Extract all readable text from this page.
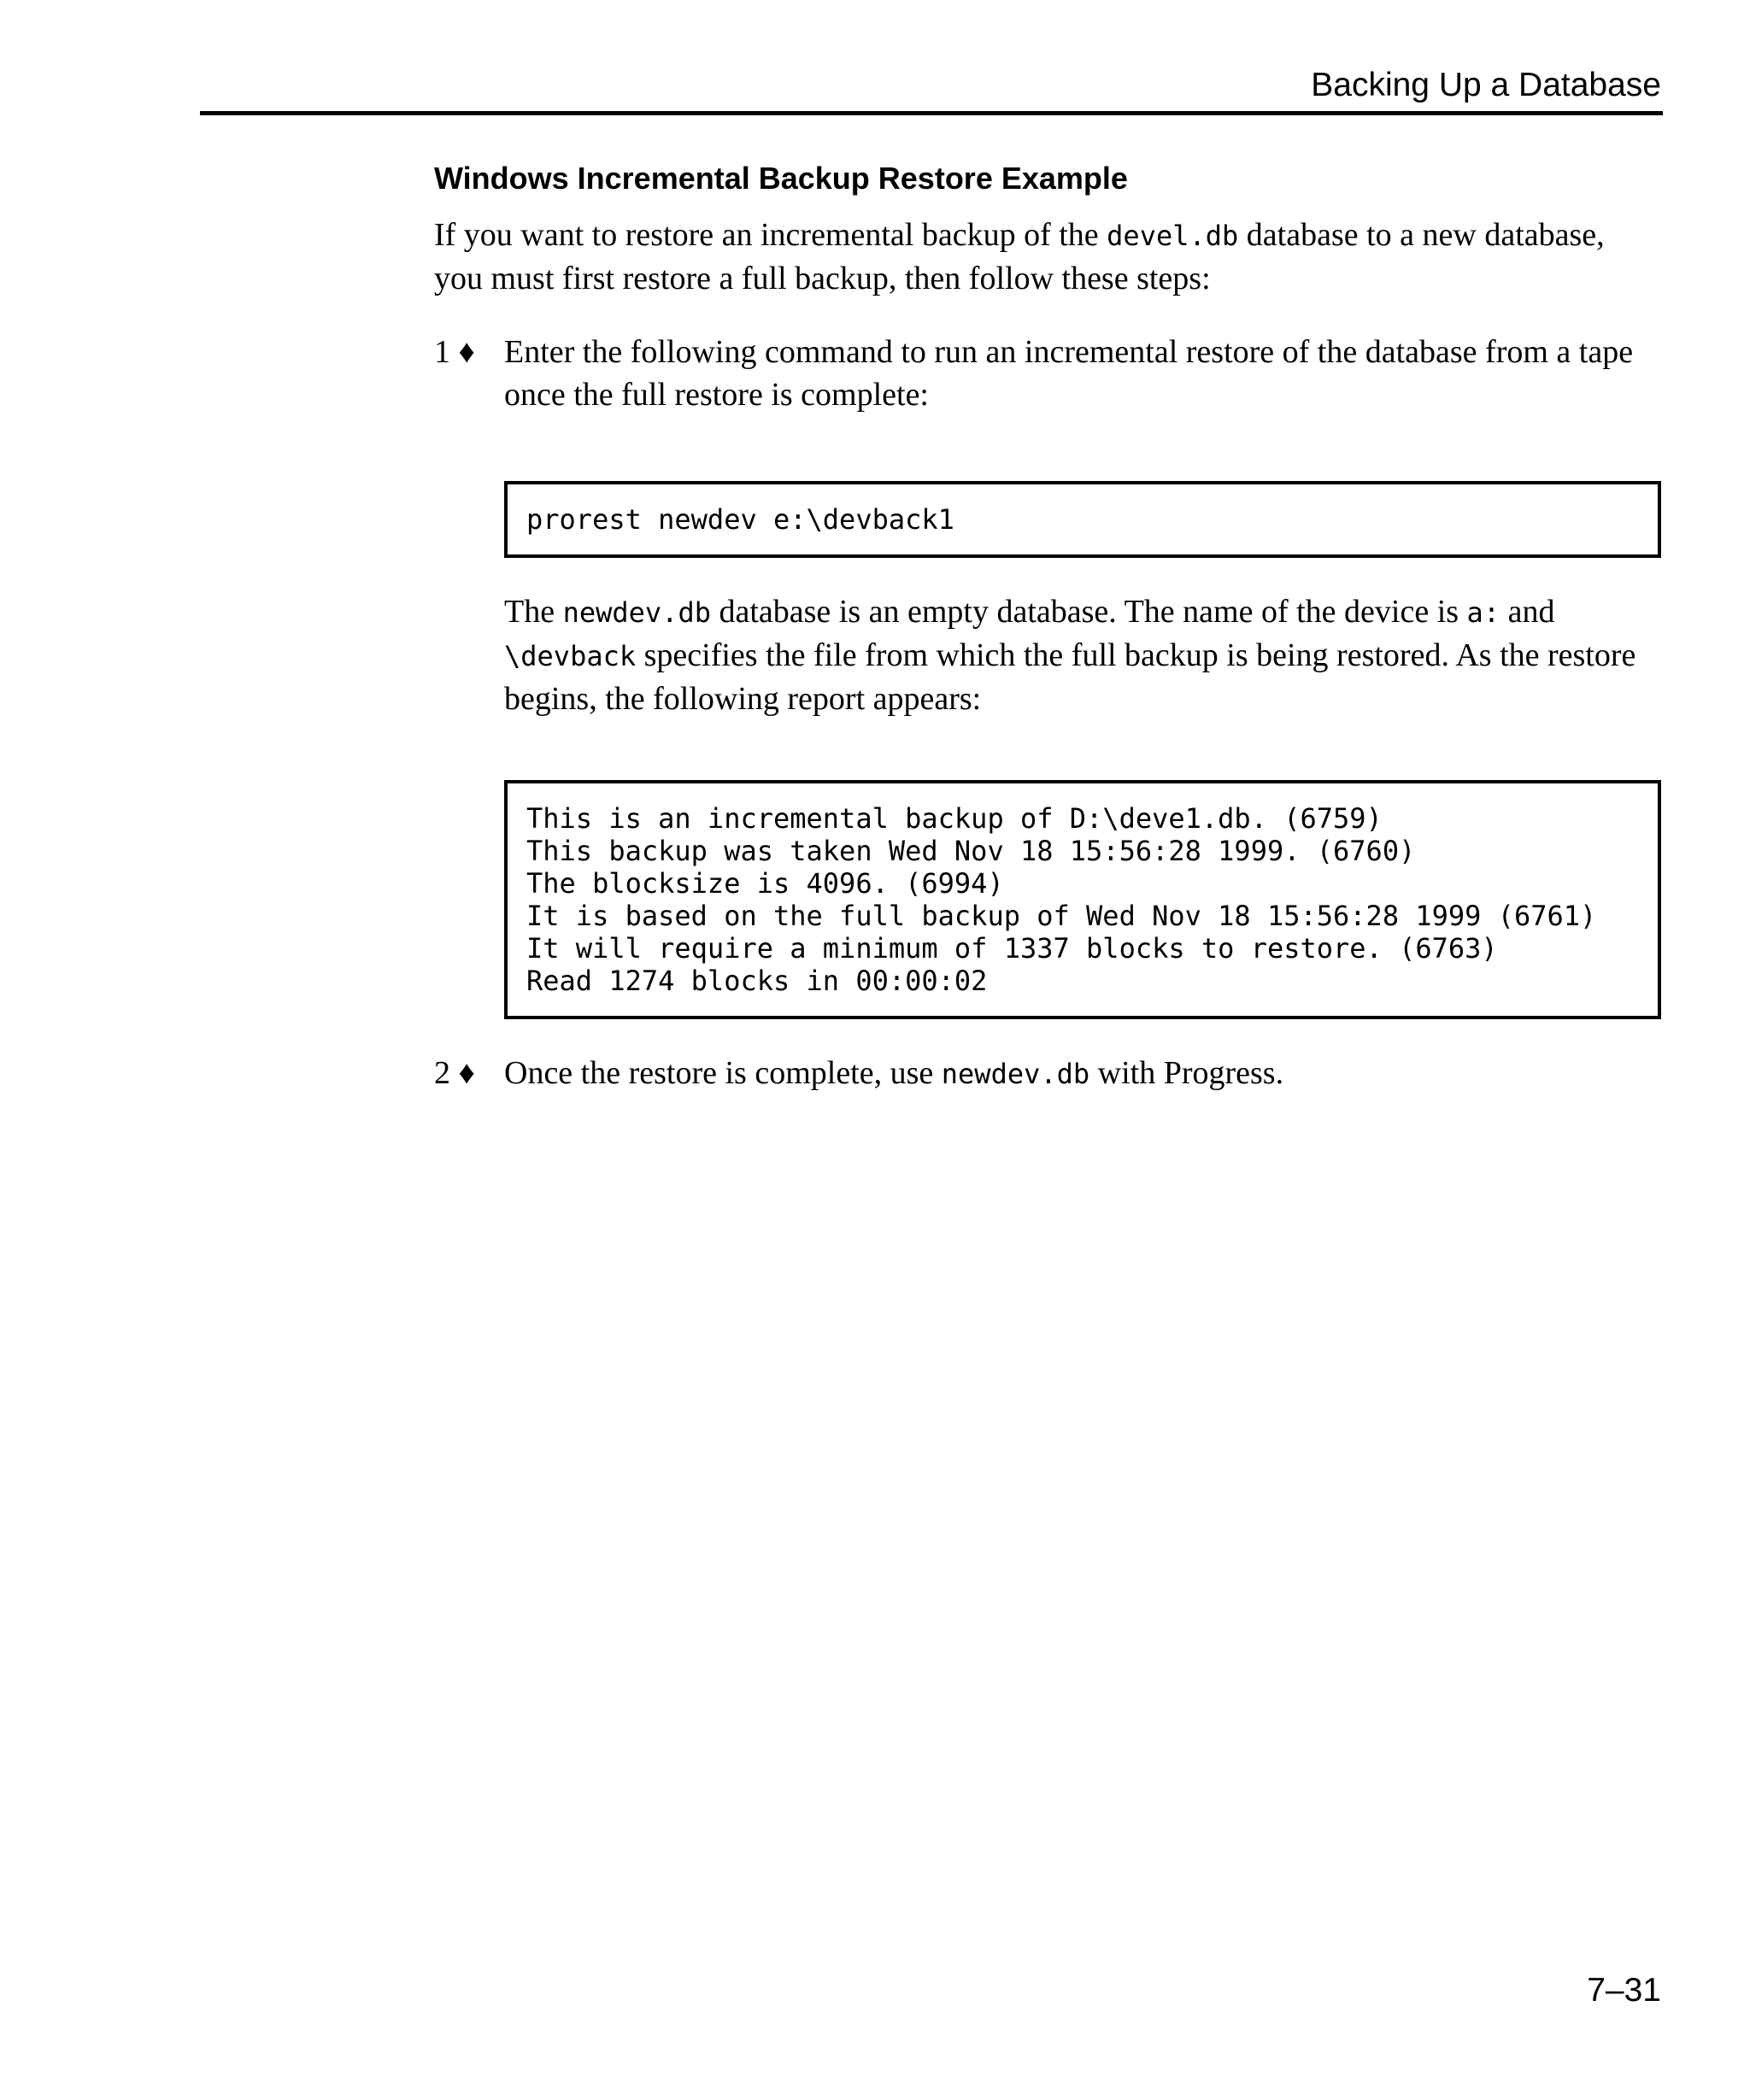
Backing Up a Database
Windows Incremental Backup Restore Example

If you want to restore an incremental backup of the devel.db database to a new database, you must first restore a full backup, then follow these steps:

1 ♦ Enter the following command to run an incremental restore of the database from a tape once the full restore is complete:

prorest newdev e:\devback1

The newdev.db database is an empty database. The name of the device is a: and \devback specifies the file from which the full backup is being restored. As the restore begins, the following report appears:

This is an incremental backup of D:\deve1.db. (6759)
This backup was taken Wed Nov 18 15:56:28 1999. (6760)
The blocksize is 4096. (6994)
It is based on the full backup of Wed Nov 18 15:56:28 1999 (6761)
It will require a minimum of 1337 blocks to restore. (6763)
Read 1274 blocks in 00:00:02
2 ♦ Once the restore is complete, use newdev.db with Progress.

7–31
